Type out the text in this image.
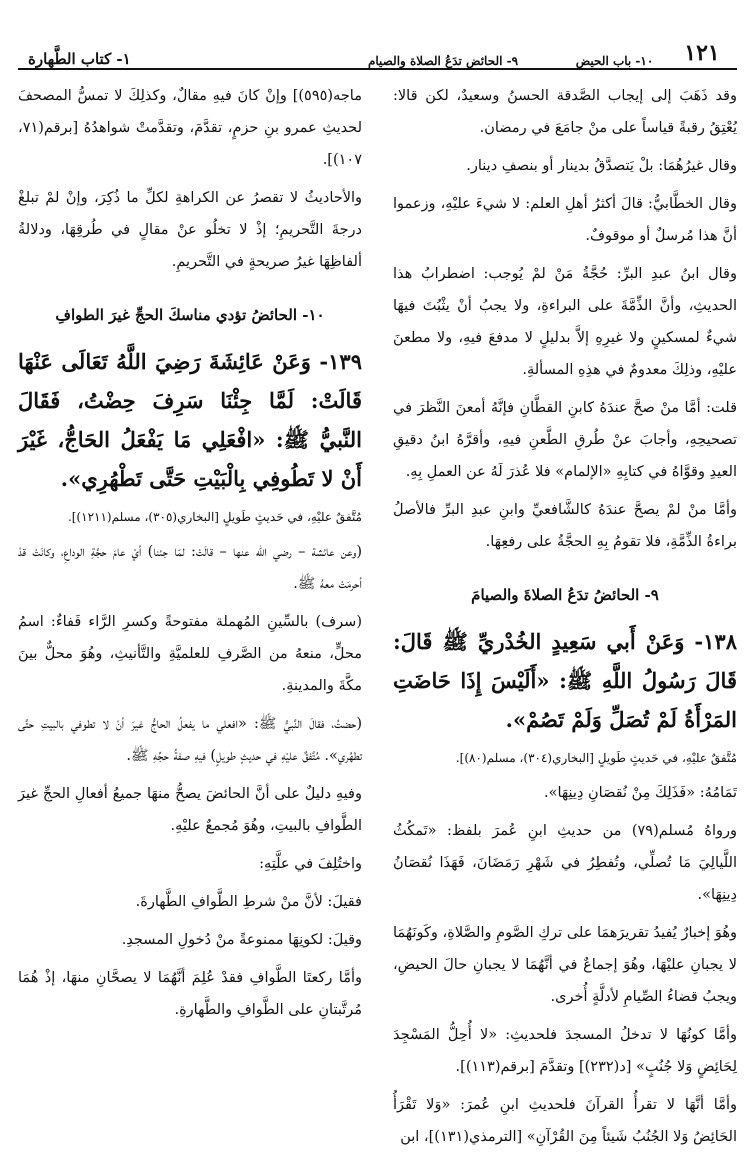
١٢١
١٠- باب الحيض
٩- الحائض تدَعُ الصلاة والصيام
١- كتاب الطَّهارة

وقد ذَهَبَ إلى إيجاب الصَّدقة الحسنُ وسعيدٌ، لكن قالا: يُعْتِقُ رقبةً قياساً على منْ جامَعَ في رمضان.

وقال غيرُهُمَا: بلْ يَتصدَّقُ بدينار أو بنصفِ دينار.

وقال الخطَّابيُّ: قالَ أكثرُ أهلِ العلم: لا شيءَ عليْهِ، وزعموا أنَّ هذا مُرسلٌ أو موقوفٌ.

وقال ابنُ عبدِ البرِّ: حُجَّةُ مَنْ لمْ يُوجب: اضطرابُ هذا الحديثِ، وأنَّ الذِّمَّةَ على البراءةِ، ولا يجبُ أنْ يثْبُتَ فيهَا شيءٌ لمسكينٍ ولا غيرِهِ إلاَّ بدليلٍ لا مدفعَ فيهِ، ولا مطعنَ عليْهِ، وذلِكَ معدومٌ في هذِهِ المسألةِ.

قلت: أمَّا منْ صحَّ عندَهُ كابنِ القطَّانِ فإنَّهُ أمعنَ النَّظرَ في تصحيحِهِ، وأجابَ عنْ طُرقِ الطَّعنِ فيهِ، وأقرَّهُ ابنُ دقيقِ العيدِ وقوَّاهُ في كتابِهِ «الإلمام» فلا عُذرَ لَهُ عن العملِ بِهِ.

وأمَّا منْ لمْ يصحَّ عندَهُ كالشَّافعيِّ وابنِ عبدِ البرِّ فالأصلُ براءةُ الذِّمَّةِ، فلا تقومُ بِهِ الحجَّةُ على رفعِهَا.

٩- الحائضُ تدَعُ الصلاةَ والصيامَ

١٣٨- وَعَنْ أَبي سَعِيدٍ الخُدْريِّ ﷺ قَالَ: قَالَ رَسُولُ اللَّهِ ﷺ: «أَلَيْسَ إِذَا حَاضَتِ المَرْأَةُ لَمْ تُصَلِّ وَلَمْ تَصُمْ».

مُتَّفقٌ عليْهِ، في حَديثٍ طَويلٍ [البخاري(٣٠٤)، مسلم(٨٠)].

تَمَامُهُ: «فَذَلِكَ مِنْ نُقصَانِ دِينِهَا».

ورواهُ مُسلم(٧٩) من حديثِ ابنِ عُمرَ بلفظ: «تَمكُثُ اللَّيالِيَ مَا تُصلِّي، وتُفطِرُ في شَهْرِ رَمَضَانَ، فَهَذَا نُقصَانُ دِينِهَا».

وهُوَ إخبارٌ يُفيدُ تقريرَهمَا على تركِ الصَّومِ والصَّلاةِ، وكَونَهُمَا لا يجبانِ عليْهَا، وهُوَ إجماعٌ في أنَّهُمَا لا يجبانِ حالَ الحيضِ، ويجبُ قضاءُ الصِّيامِ لأدلَّةٍ أُخرى.

وأمَّا كونُهَا لا تدخلُ المسجدَ فلحديثِ: «لا أُحِلُّ المَسْجِدَ لِحَائِضٍ وَلا جُنُبٍ» [د(٢٣٢)] وتقدَّمَ [برقم(١١٣)].

وأمَّا أنَّهَا لا تقرأُ القرآنَ فلحديثِ ابنِ عُمرَ: «وَلا تَقْرَأُ الحَائِضُ وَلا الجُنُبُ شَيئاً مِنَ القُرْآنِ» [الترمذي(١٣١)]، ابن

ماجه(٥٩٥)] وإنْ كانَ فيهِ مقالٌ، وكذلِكَ لا تمسُّ المصحفَ لحديثِ عمرو بنِ حزمٍ، تقدَّمَ، وتقدَّمتْ شواهدُهُ [برقم(٧١، ١٠٧)].

والأحاديثُ لا تقصرُ عن الكراهةِ لكلِّ ما ذُكِرَ، وإنْ لمْ تبلغْ درجةَ التَّحريمِ؛ إذْ لا تخلُو عنْ مقالٍ في طُرقِهَا، ودلالةُ ألفاظِهَا غيرُ صريحةٍ في التَّحريمِ.

١٠- الحائضُ تؤدي مناسكَ الحجِّ غيرَ الطوافِ

١٣٩- وَعَنْ عَائِشَةَ رَضِيَ اللَّهُ تَعَالَى عَنْهَا قَالَتْ: لَمَّا جِئْنَا سَرِفَ حِضْتُ، فَقَالَ النَّبيُّ ﷺ: «افْعَلِي مَا يَفْعَلُ الحَاجُّ، غَيْرَ أَنْ لا تَطُوفِي بِالْبَيْتِ حَتَّى تَطْهُرِي».

مُتَّفقٌ عليْهِ، في حَديثٍ طَويلٍ [البخاري(٣٠٥)، مسلم(١٢١١)].

(وعن عائشة – رضي اللّه عنها – قالَتْ: لمّا جئنا) أيْ عامَ حجَّةِ الوداعِ، وكانَتْ قدْ أحرمَتْ معهُ ﷺ.

(سرف) بالسِّينِ المُهملة مفتوحةً وكسرِ الرَّاء فَفاءٌ: اسمُ محلٍّ، منعهُ من الصَّرفِ للعلميَّةِ والتَّأنيثِ، وهُوَ محلٌّ بينَ مكَّةَ والمدينةِ.

(حضتُ، فقالَ النَّبيُّ ﷺ: «افعلي ما يفعلُ الحاجُّ غيرَ أنْ لا تطوفي بالبيتِ حتَّى تطهُري». مُتَّفقٌ عليْهِ في حديثٍ طويلٍ) فيهِ صفةُ حجِّهِ ﷺ.

وفيهِ دليلٌ على أنَّ الحائضَ يصحُّ منهَا جميعُ أفعالِ الحجِّ غيرَ الطَّوافِ بالبيتِ، وهُوَ مُجمعٌ عليْهِ.

واختُلِفَ في علَّتِهِ:

فقيلَ: لأنَّ منْ شرطِ الطَّوافِ الطَّهارةَ.

وقيلَ: لكونِهَا ممنوعةً منْ دُخولِ المسجدِ.

وأمَّا ركعتَا الطَّوافِ فقدْ عُلِمَ أنَّهُمَا لا يصحَّانِ منهَا، إذْ هُمَا مُرتَّبتانِ على الطَّوافِ والطَّهارةِ.
